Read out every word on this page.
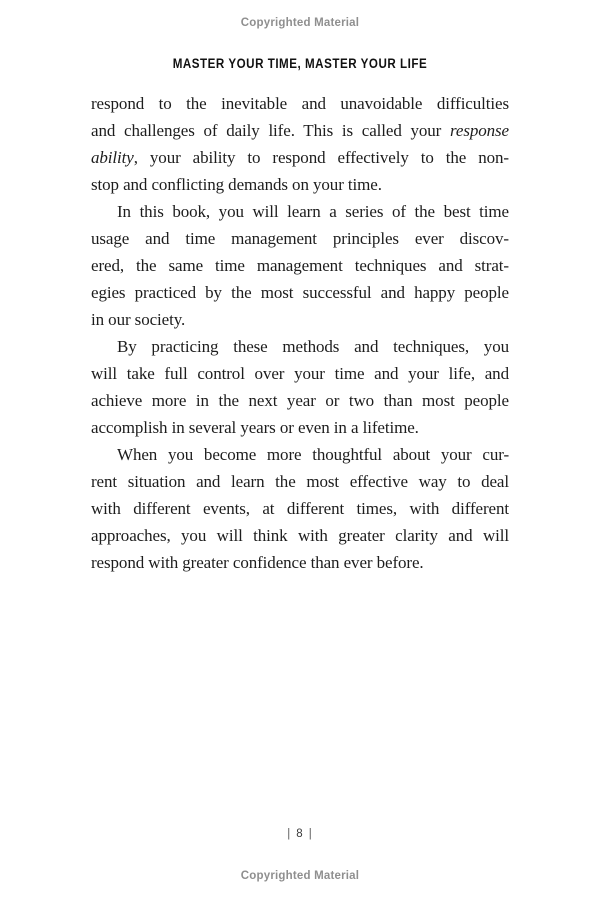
Copyrighted Material
MASTER YOUR TIME, MASTER YOUR LIFE
respond to the inevitable and unavoidable difficulties
and challenges of daily life. This is called your response
ability, your ability to respond effectively to the non-
stop and conflicting demands on your time.
In this book, you will learn a series of the best time
usage and time management principles ever discov-
ered, the same time management techniques and strat-
egies practiced by the most successful and happy people
in our society.
By practicing these methods and techniques, you
will take full control over your time and your life, and
achieve more in the next year or two than most people
accomplish in several years or even in a lifetime.
When you become more thoughtful about your cur-
rent situation and learn the most effective way to deal
with different events, at different times, with different
approaches, you will think with greater clarity and will
respond with greater confidence than ever before.
| 8 |
Copyrighted Material
